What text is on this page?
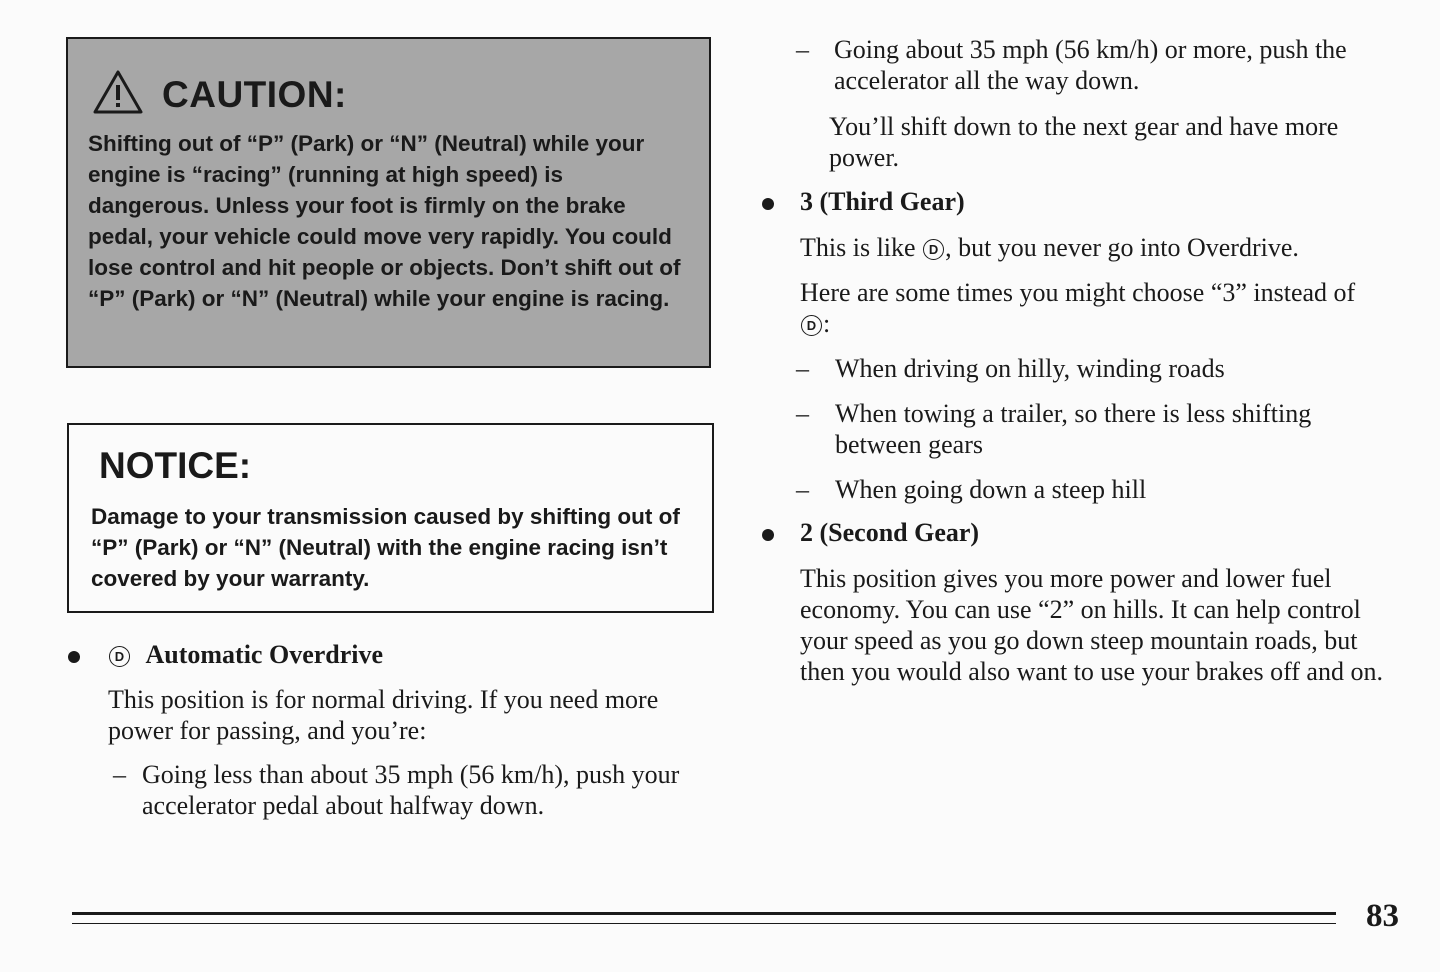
CAUTION:
Shifting out of “P” (Park) or “N” (Neutral) while your engine is “racing” (running at high speed) is dangerous. Unless your foot is firmly on the brake pedal, your vehicle could move very rapidly. You could lose control and hit people or objects. Don’t shift out of “P” (Park) or “N” (Neutral) while your engine is racing.
NOTICE:
Damage to your transmission caused by shifting out of “P” (Park) or “N” (Neutral) with the engine racing isn’t covered by your warranty.
D Automatic Overdrive
This position is for normal driving. If you need more power for passing, and you’re:
– Going less than about 35 mph (56 km/h), push your accelerator pedal about halfway down.
– Going about 35 mph (56 km/h) or more, push the accelerator all the way down.
You’ll shift down to the next gear and have more power.
3 (Third Gear)
This is like D , but you never go into Overdrive.
Here are some times you might choose “3” instead of
D :
– When driving on hilly, winding roads
– When towing a trailer, so there is less shifting between gears
– When going down a steep hill
2 (Second Gear)
This position gives you more power and lower fuel economy. You can use “2” on hills. It can help control your speed as you go down steep mountain roads, but then you would also want to use your brakes off and on.
83
